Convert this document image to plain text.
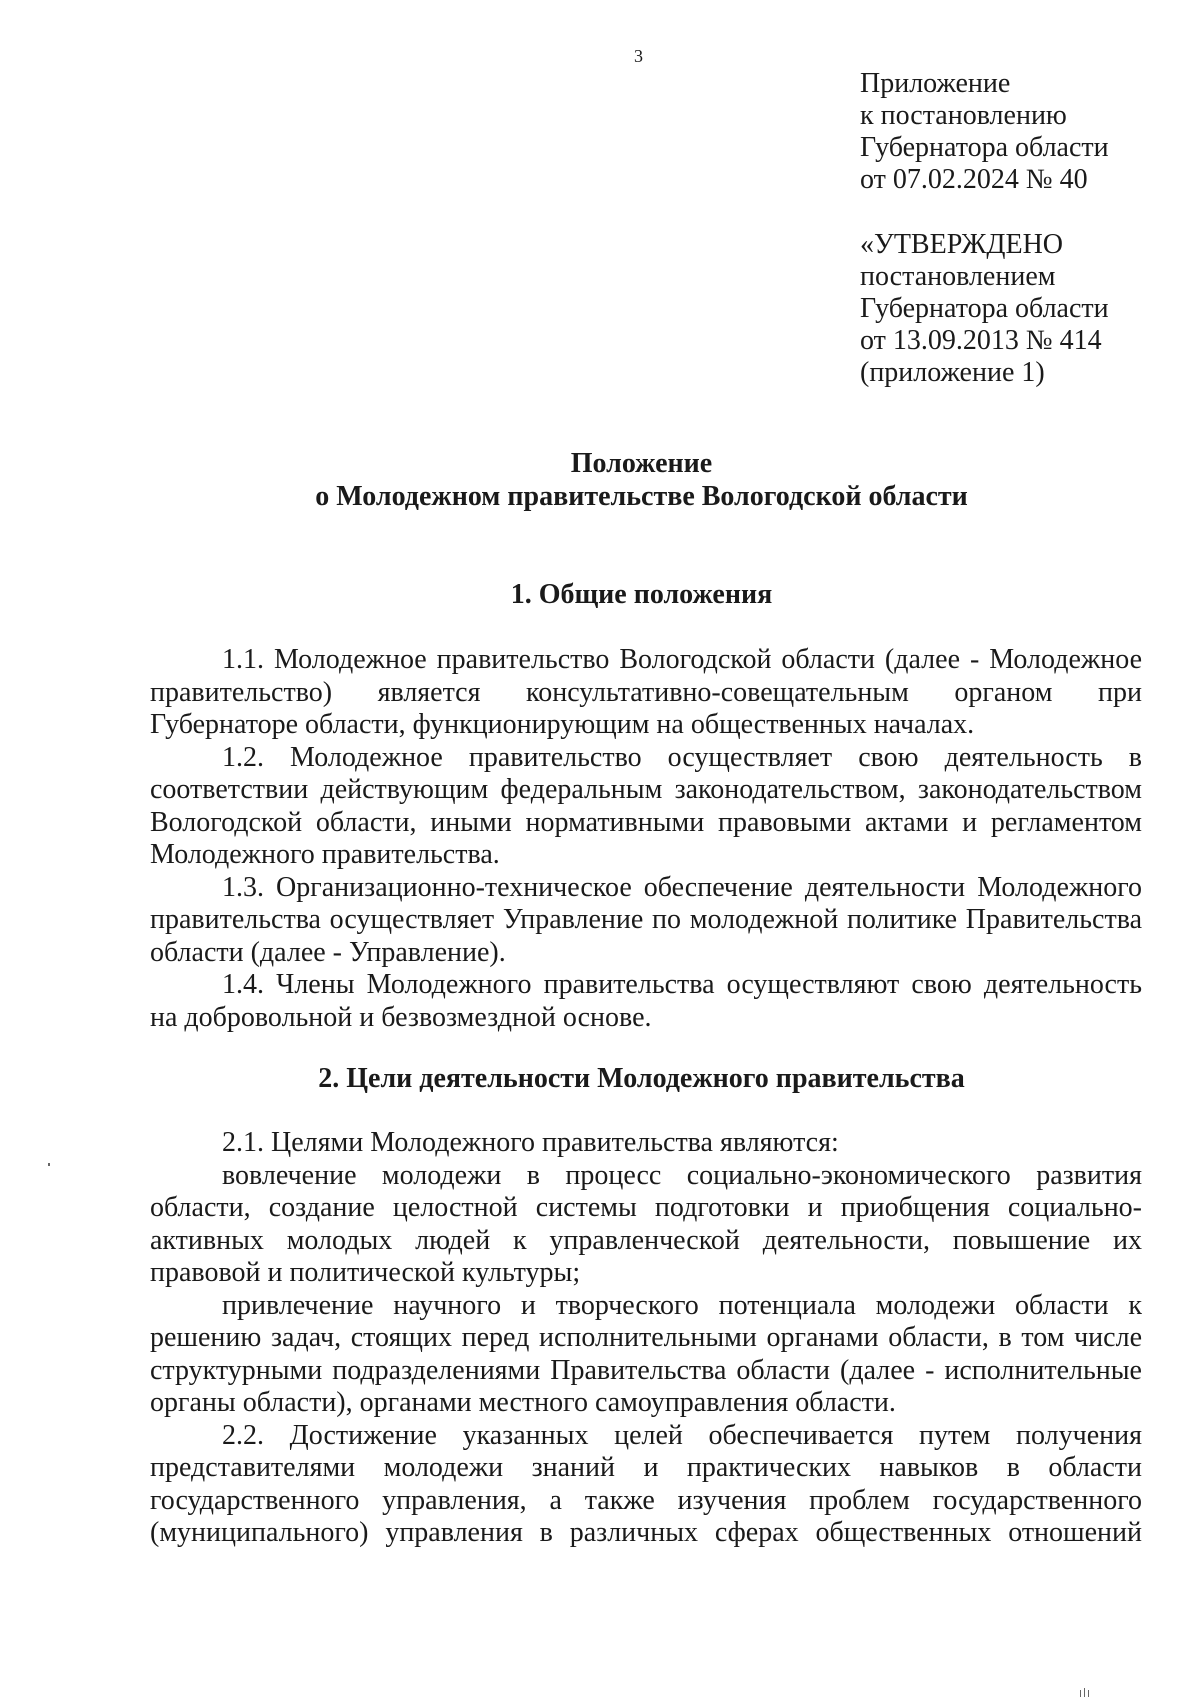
3
Приложение
к постановлению
Губернатора области
от 07.02.2024 № 40
«УТВЕРЖДЕНО
постановлением
Губернатора области
от 13.09.2013 № 414
(приложение 1)
Положение
о Молодежном правительстве Вологодской области
1. Общие положения

1.1. Молодежное правительство Вологодской области (далее - Молодежное правительство) является консультативно-совещательным органом при Губернаторе области, функционирующим на общественных началах.

1.2. Молодежное правительство осуществляет свою деятельность в соответствии действующим федеральным законодательством, законодательством Вологодской области, иными нормативными правовыми актами и регламентом Молодежного правительства.

1.3. Организационно-техническое обеспечение деятельности Молодежного правительства осуществляет Управление по молодежной политике Правительства области (далее - Управление).

1.4. Члены Молодежного правительства осуществляют свою деятельность на добровольной и безвозмездной основе.

2. Цели деятельности Молодежного правительства

2.1. Целями Молодежного правительства являются:

вовлечение молодежи в процесс социально-экономического развития области, создание целостной системы подготовки и приобщения социально-активных молодых людей к управленческой деятельности, повышение их правовой и политической культуры;

привлечение научного и творческого потенциала молодежи области к решению задач, стоящих перед исполнительными органами области, в том числе структурными подразделениями Правительства области (далее - исполнительные органы области), органами местного самоуправления области.

2.2. Достижение указанных целей обеспечивается путем получения представителями молодежи знаний и практических навыков в области государственного управления, а также изучения проблем государственного (муниципального) управления в различных сферах общественных отношений
